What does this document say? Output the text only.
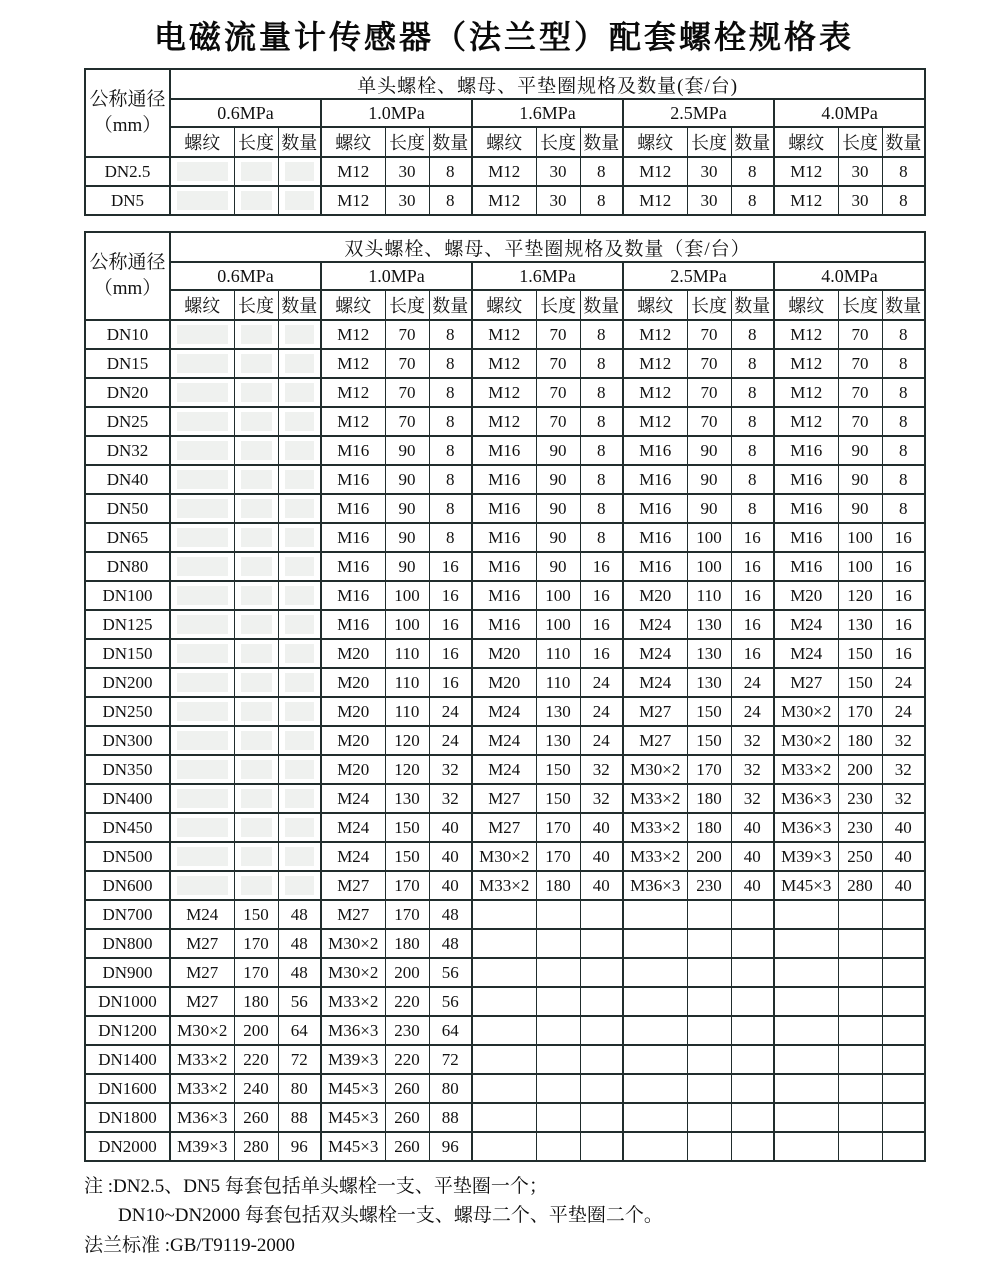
电磁流量计传感器（法兰型）配套螺栓规格表
公称通径
（mm）	单头螺栓、螺母、平垫圈规格及数量(套/台)														
	0.6MPa			1.0MPa			1.6MPa			2.5MPa			4.0MPa		
	螺纹	长度	数量	螺纹	长度	数量	螺纹	长度	数量	螺纹	长度	数量	螺纹	长度	数量
DN2.5				M12	30	8	M12	30	8	M12	30	8	M12	30	8
DN5				M12	30	8	M12	30	8	M12	30	8	M12	30	8
公称通径
（mm）	双头螺栓、螺母、平垫圈规格及数量（套/台）														
	0.6MPa			1.0MPa			1.6MPa			2.5MPa			4.0MPa		
	螺纹	长度	数量	螺纹	长度	数量	螺纹	长度	数量	螺纹	长度	数量	螺纹	长度	数量
DN10				M12	70	8	M12	70	8	M12	70	8	M12	70	8
DN15				M12	70	8	M12	70	8	M12	70	8	M12	70	8
DN20				M12	70	8	M12	70	8	M12	70	8	M12	70	8
DN25				M12	70	8	M12	70	8	M12	70	8	M12	70	8
DN32				M16	90	8	M16	90	8	M16	90	8	M16	90	8
DN40				M16	90	8	M16	90	8	M16	90	8	M16	90	8
DN50				M16	90	8	M16	90	8	M16	90	8	M16	90	8
DN65				M16	90	8	M16	90	8	M16	100	16	M16	100	16
DN80				M16	90	16	M16	90	16	M16	100	16	M16	100	16
DN100				M16	100	16	M16	100	16	M20	110	16	M20	120	16
DN125				M16	100	16	M16	100	16	M24	130	16	M24	130	16
DN150				M20	110	16	M20	110	16	M24	130	16	M24	150	16
DN200				M20	110	16	M20	110	24	M24	130	24	M27	150	24
DN250				M20	110	24	M24	130	24	M27	150	24	M30×2	170	24
DN300				M20	120	24	M24	130	24	M27	150	32	M30×2	180	32
DN350				M20	120	32	M24	150	32	M30×2	170	32	M33×2	200	32
DN400				M24	130	32	M27	150	32	M33×2	180	32	M36×3	230	32
DN450				M24	150	40	M27	170	40	M33×2	180	40	M36×3	230	40
DN500				M24	150	40	M30×2	170	40	M33×2	200	40	M39×3	250	40
DN600				M27	170	40	M33×2	180	40	M36×3	230	40	M45×3	280	40
DN700	M24	150	48	M27	170	48									
DN800	M27	170	48	M30×2	180	48									
DN900	M27	170	48	M30×2	200	56									
DN1000	M27	180	56	M33×2	220	56									
DN1200	M30×2	200	64	M36×3	230	64									
DN1400	M33×2	220	72	M39×3	220	72									
DN1600	M33×2	240	80	M45×3	260	80									
DN1800	M36×3	260	88	M45×3	260	88									
DN2000	M39×3	280	96	M45×3	260	96									
注 :DN2.5、DN5 每套包括单头螺栓一支、平垫圈一个；
DN10~DN2000 每套包括双头螺栓一支、螺母二个、平垫圈二个。
法兰标准 :GB/T9119-2000
